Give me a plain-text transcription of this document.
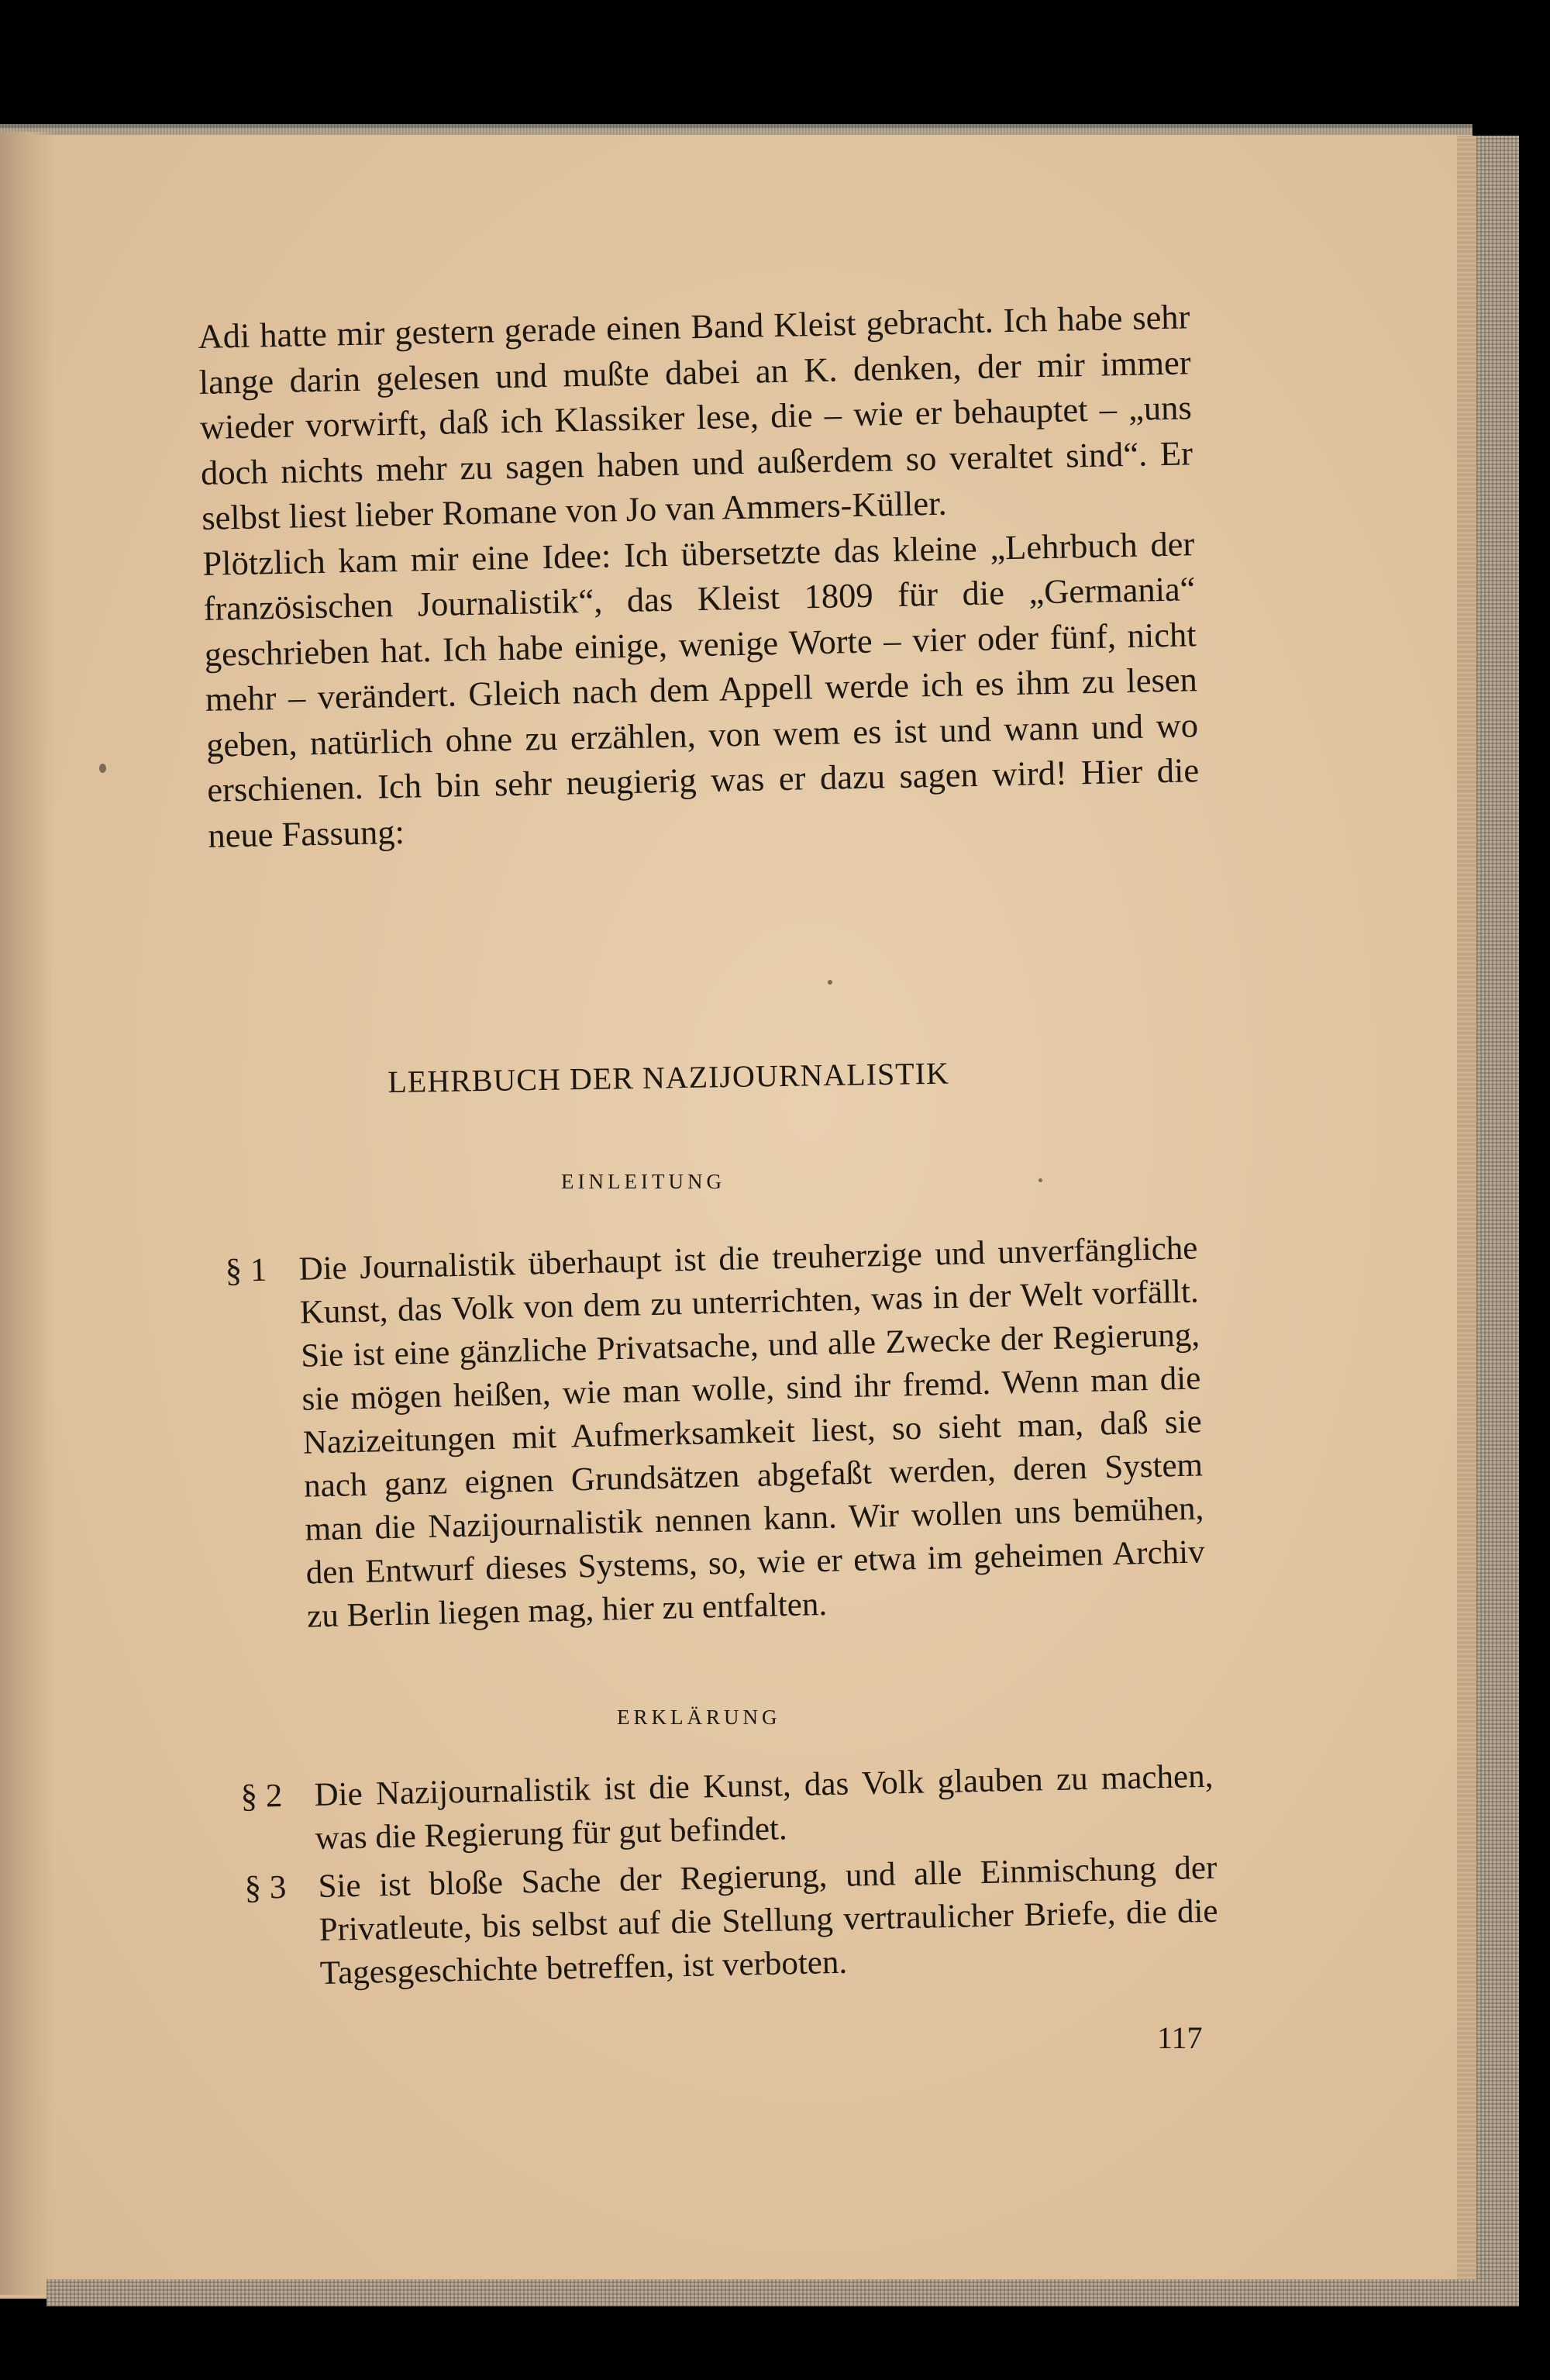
Adi hatte mir gestern gerade einen Band Kleist gebracht. Ich habe sehr lange darin gelesen und mußte dabei an K. denken, der mir immer wieder vorwirft, daß ich Klassiker lese, die – wie er behauptet – „uns doch nichts mehr zu sagen haben und außerdem so veraltet sind“. Er selbst liest lieber Romane von Jo van Ammers-Küller.

Plötzlich kam mir eine Idee: Ich übersetzte das kleine „Lehrbuch der französischen Journalistik“, das Kleist 1809 für die „Germania“ geschrieben hat. Ich habe einige, wenige Worte – vier oder fünf, nicht mehr – verändert. Gleich nach dem Appell werde ich es ihm zu lesen geben, natürlich ohne zu erzählen, von wem es ist und wann und wo erschienen. Ich bin sehr neugierig was er dazu sagen wird! Hier die neue Fassung:

LEHRBUCH DER NAZIJOURNALISTIK
EINLEITUNG
§ 1 Die Journalistik überhaupt ist die treuherzige und unverfängliche Kunst, das Volk von dem zu unterrichten, was in der Welt vorfällt. Sie ist eine gänzliche Privatsache, und alle Zwecke der Regierung, sie mögen heißen, wie man wolle, sind ihr fremd. Wenn man die Nazizeitungen mit Aufmerksamkeit liest, so sieht man, daß sie nach ganz eignen Grundsätzen abgefaßt werden, deren System man die Nazijournalistik nennen kann. Wir wollen uns bemühen, den Entwurf dieses Systems, so, wie er etwa im geheimen Archiv zu Berlin liegen mag, hier zu entfalten.
ERKLÄRUNG
§ 2 Die Nazijournalistik ist die Kunst, das Volk glauben zu machen, was die Regierung für gut befindet.
§ 3 Sie ist bloße Sache der Regierung, und alle Einmischung der Privatleute, bis selbst auf die Stellung vertraulicher Briefe, die die Tagesgeschichte betreffen, ist verboten.
117
